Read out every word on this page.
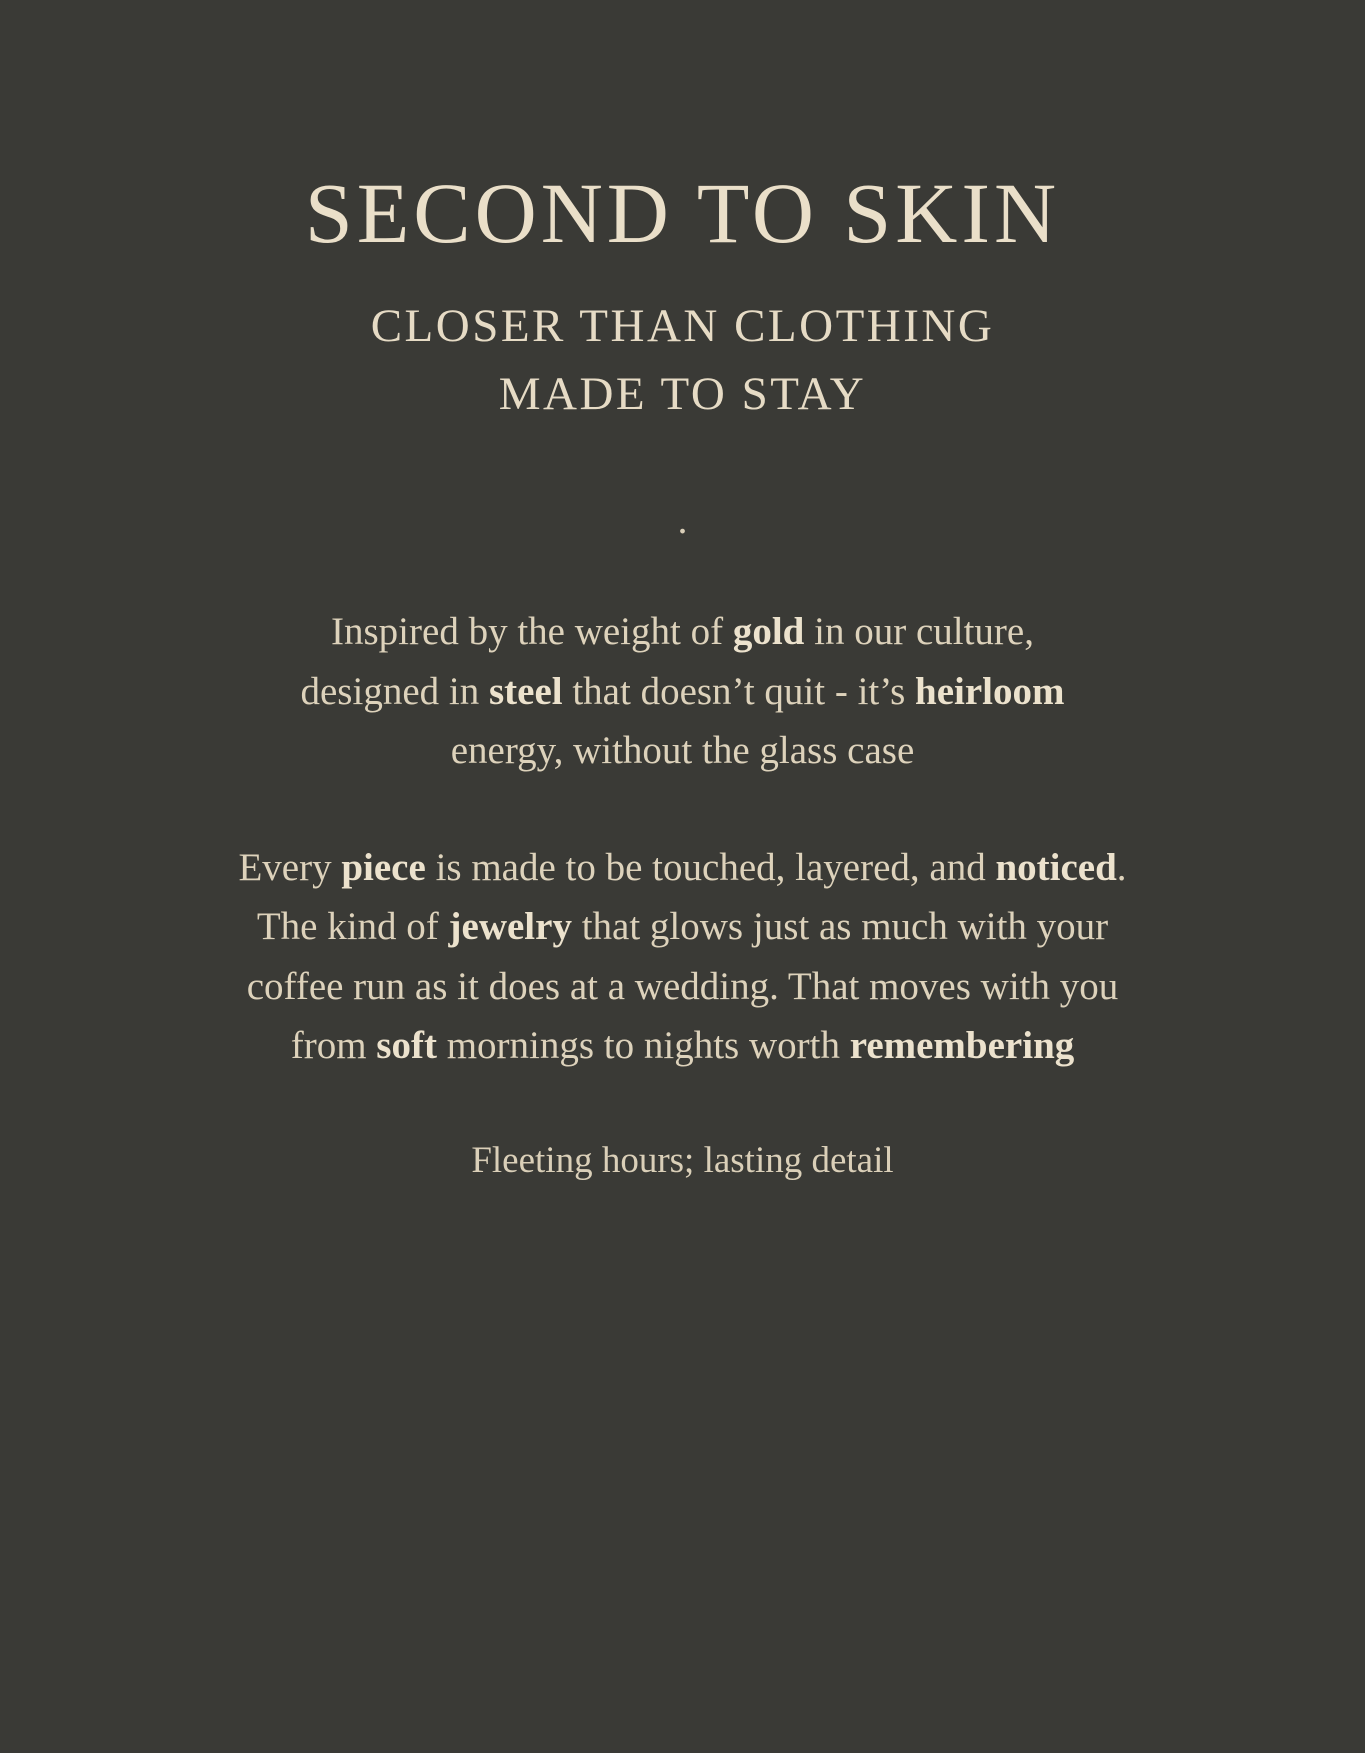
SECOND TO SKIN
CLOSER THAN CLOTHING
MADE TO STAY
.

Inspired by the weight of gold in our culture, designed in steel that doesn’t quit - it’s heirloom energy, without the glass case

Every piece is made to be touched, layered, and noticed. The kind of jewelry that glows just as much with your coffee run as it does at a wedding. That moves with you from soft mornings to nights worth remembering

Fleeting hours; lasting detail
